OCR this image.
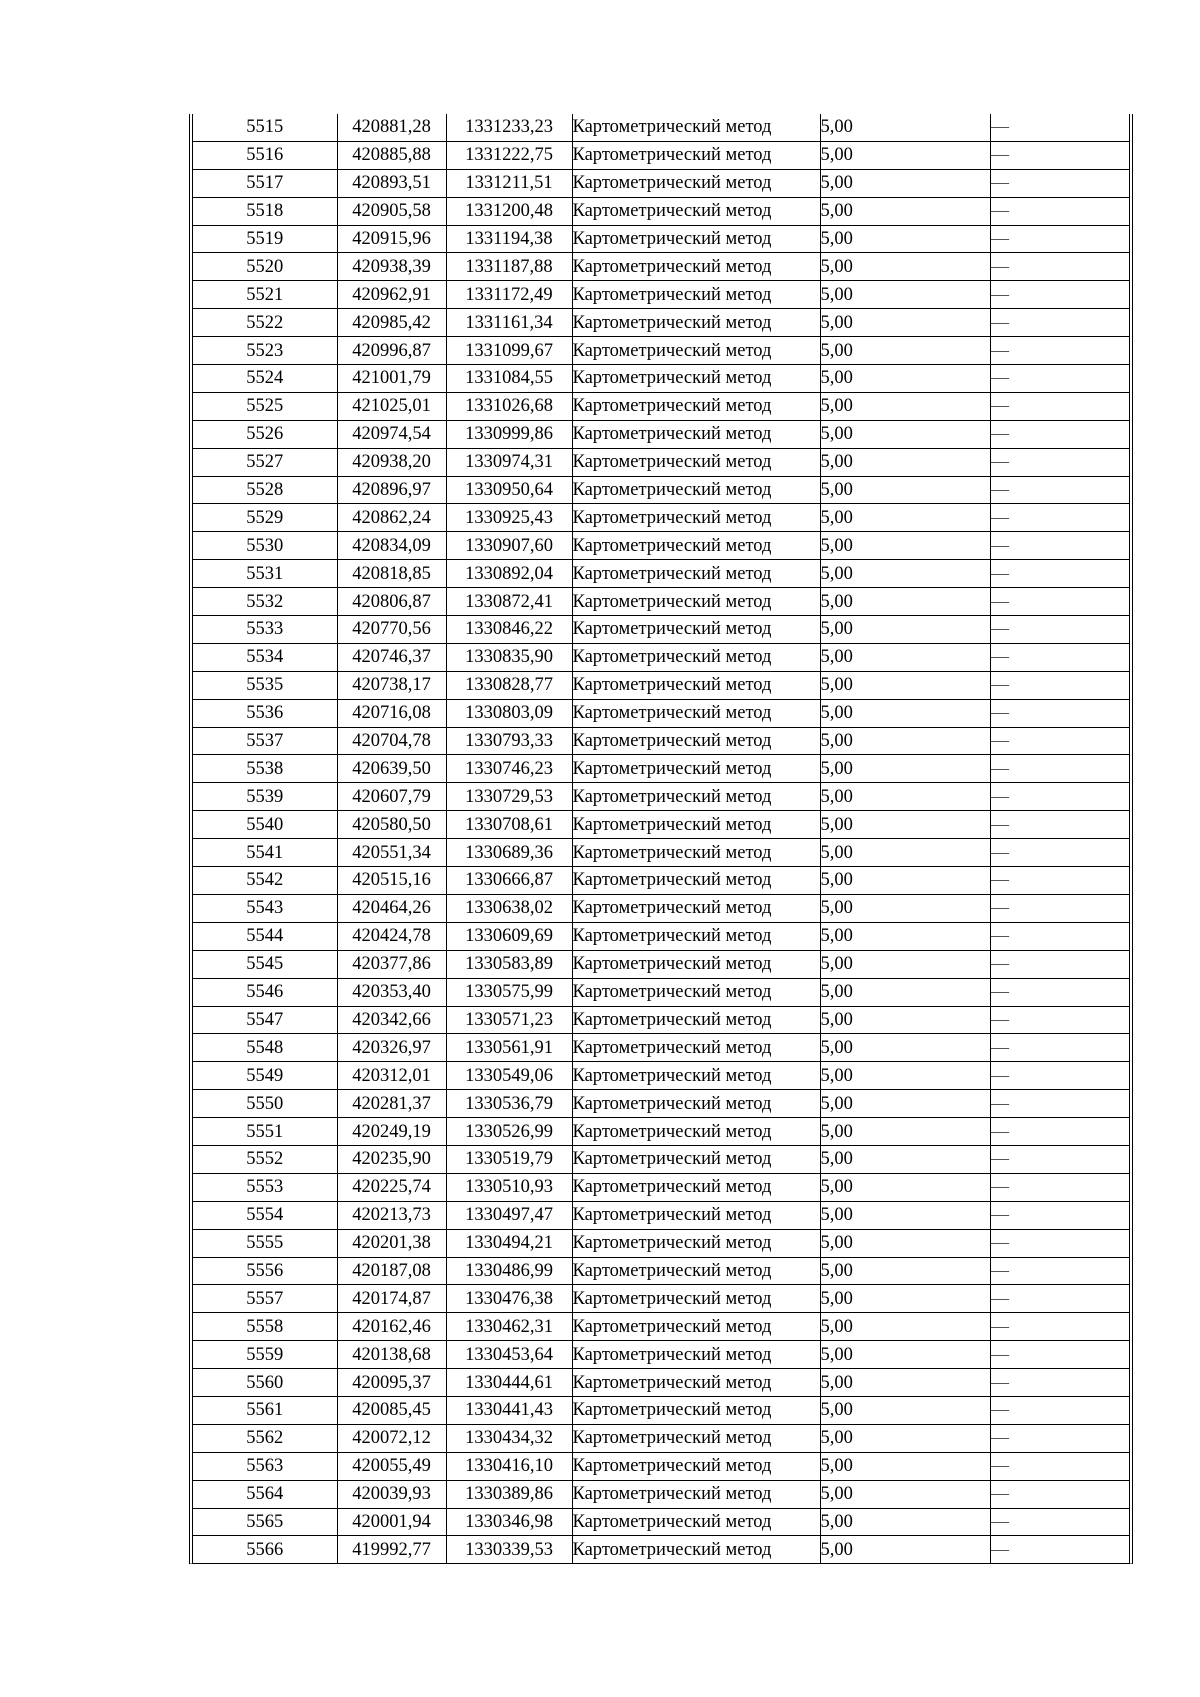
5515	420881,28	1331233,23	Картометрический метод	5,00	—
5516	420885,88	1331222,75	Картометрический метод	5,00	—
5517	420893,51	1331211,51	Картометрический метод	5,00	—
5518	420905,58	1331200,48	Картометрический метод	5,00	—
5519	420915,96	1331194,38	Картометрический метод	5,00	—
5520	420938,39	1331187,88	Картометрический метод	5,00	—
5521	420962,91	1331172,49	Картометрический метод	5,00	—
5522	420985,42	1331161,34	Картометрический метод	5,00	—
5523	420996,87	1331099,67	Картометрический метод	5,00	—
5524	421001,79	1331084,55	Картометрический метод	5,00	—
5525	421025,01	1331026,68	Картометрический метод	5,00	—
5526	420974,54	1330999,86	Картометрический метод	5,00	—
5527	420938,20	1330974,31	Картометрический метод	5,00	—
5528	420896,97	1330950,64	Картометрический метод	5,00	—
5529	420862,24	1330925,43	Картометрический метод	5,00	—
5530	420834,09	1330907,60	Картометрический метод	5,00	—
5531	420818,85	1330892,04	Картометрический метод	5,00	—
5532	420806,87	1330872,41	Картометрический метод	5,00	—
5533	420770,56	1330846,22	Картометрический метод	5,00	—
5534	420746,37	1330835,90	Картометрический метод	5,00	—
5535	420738,17	1330828,77	Картометрический метод	5,00	—
5536	420716,08	1330803,09	Картометрический метод	5,00	—
5537	420704,78	1330793,33	Картометрический метод	5,00	—
5538	420639,50	1330746,23	Картометрический метод	5,00	—
5539	420607,79	1330729,53	Картометрический метод	5,00	—
5540	420580,50	1330708,61	Картометрический метод	5,00	—
5541	420551,34	1330689,36	Картометрический метод	5,00	—
5542	420515,16	1330666,87	Картометрический метод	5,00	—
5543	420464,26	1330638,02	Картометрический метод	5,00	—
5544	420424,78	1330609,69	Картометрический метод	5,00	—
5545	420377,86	1330583,89	Картометрический метод	5,00	—
5546	420353,40	1330575,99	Картометрический метод	5,00	—
5547	420342,66	1330571,23	Картометрический метод	5,00	—
5548	420326,97	1330561,91	Картометрический метод	5,00	—
5549	420312,01	1330549,06	Картометрический метод	5,00	—
5550	420281,37	1330536,79	Картометрический метод	5,00	—
5551	420249,19	1330526,99	Картометрический метод	5,00	—
5552	420235,90	1330519,79	Картометрический метод	5,00	—
5553	420225,74	1330510,93	Картометрический метод	5,00	—
5554	420213,73	1330497,47	Картометрический метод	5,00	—
5555	420201,38	1330494,21	Картометрический метод	5,00	—
5556	420187,08	1330486,99	Картометрический метод	5,00	—
5557	420174,87	1330476,38	Картометрический метод	5,00	—
5558	420162,46	1330462,31	Картометрический метод	5,00	—
5559	420138,68	1330453,64	Картометрический метод	5,00	—
5560	420095,37	1330444,61	Картометрический метод	5,00	—
5561	420085,45	1330441,43	Картометрический метод	5,00	—
5562	420072,12	1330434,32	Картометрический метод	5,00	—
5563	420055,49	1330416,10	Картометрический метод	5,00	—
5564	420039,93	1330389,86	Картометрический метод	5,00	—
5565	420001,94	1330346,98	Картометрический метод	5,00	—
5566	419992,77	1330339,53	Картометрический метод	5,00	—
